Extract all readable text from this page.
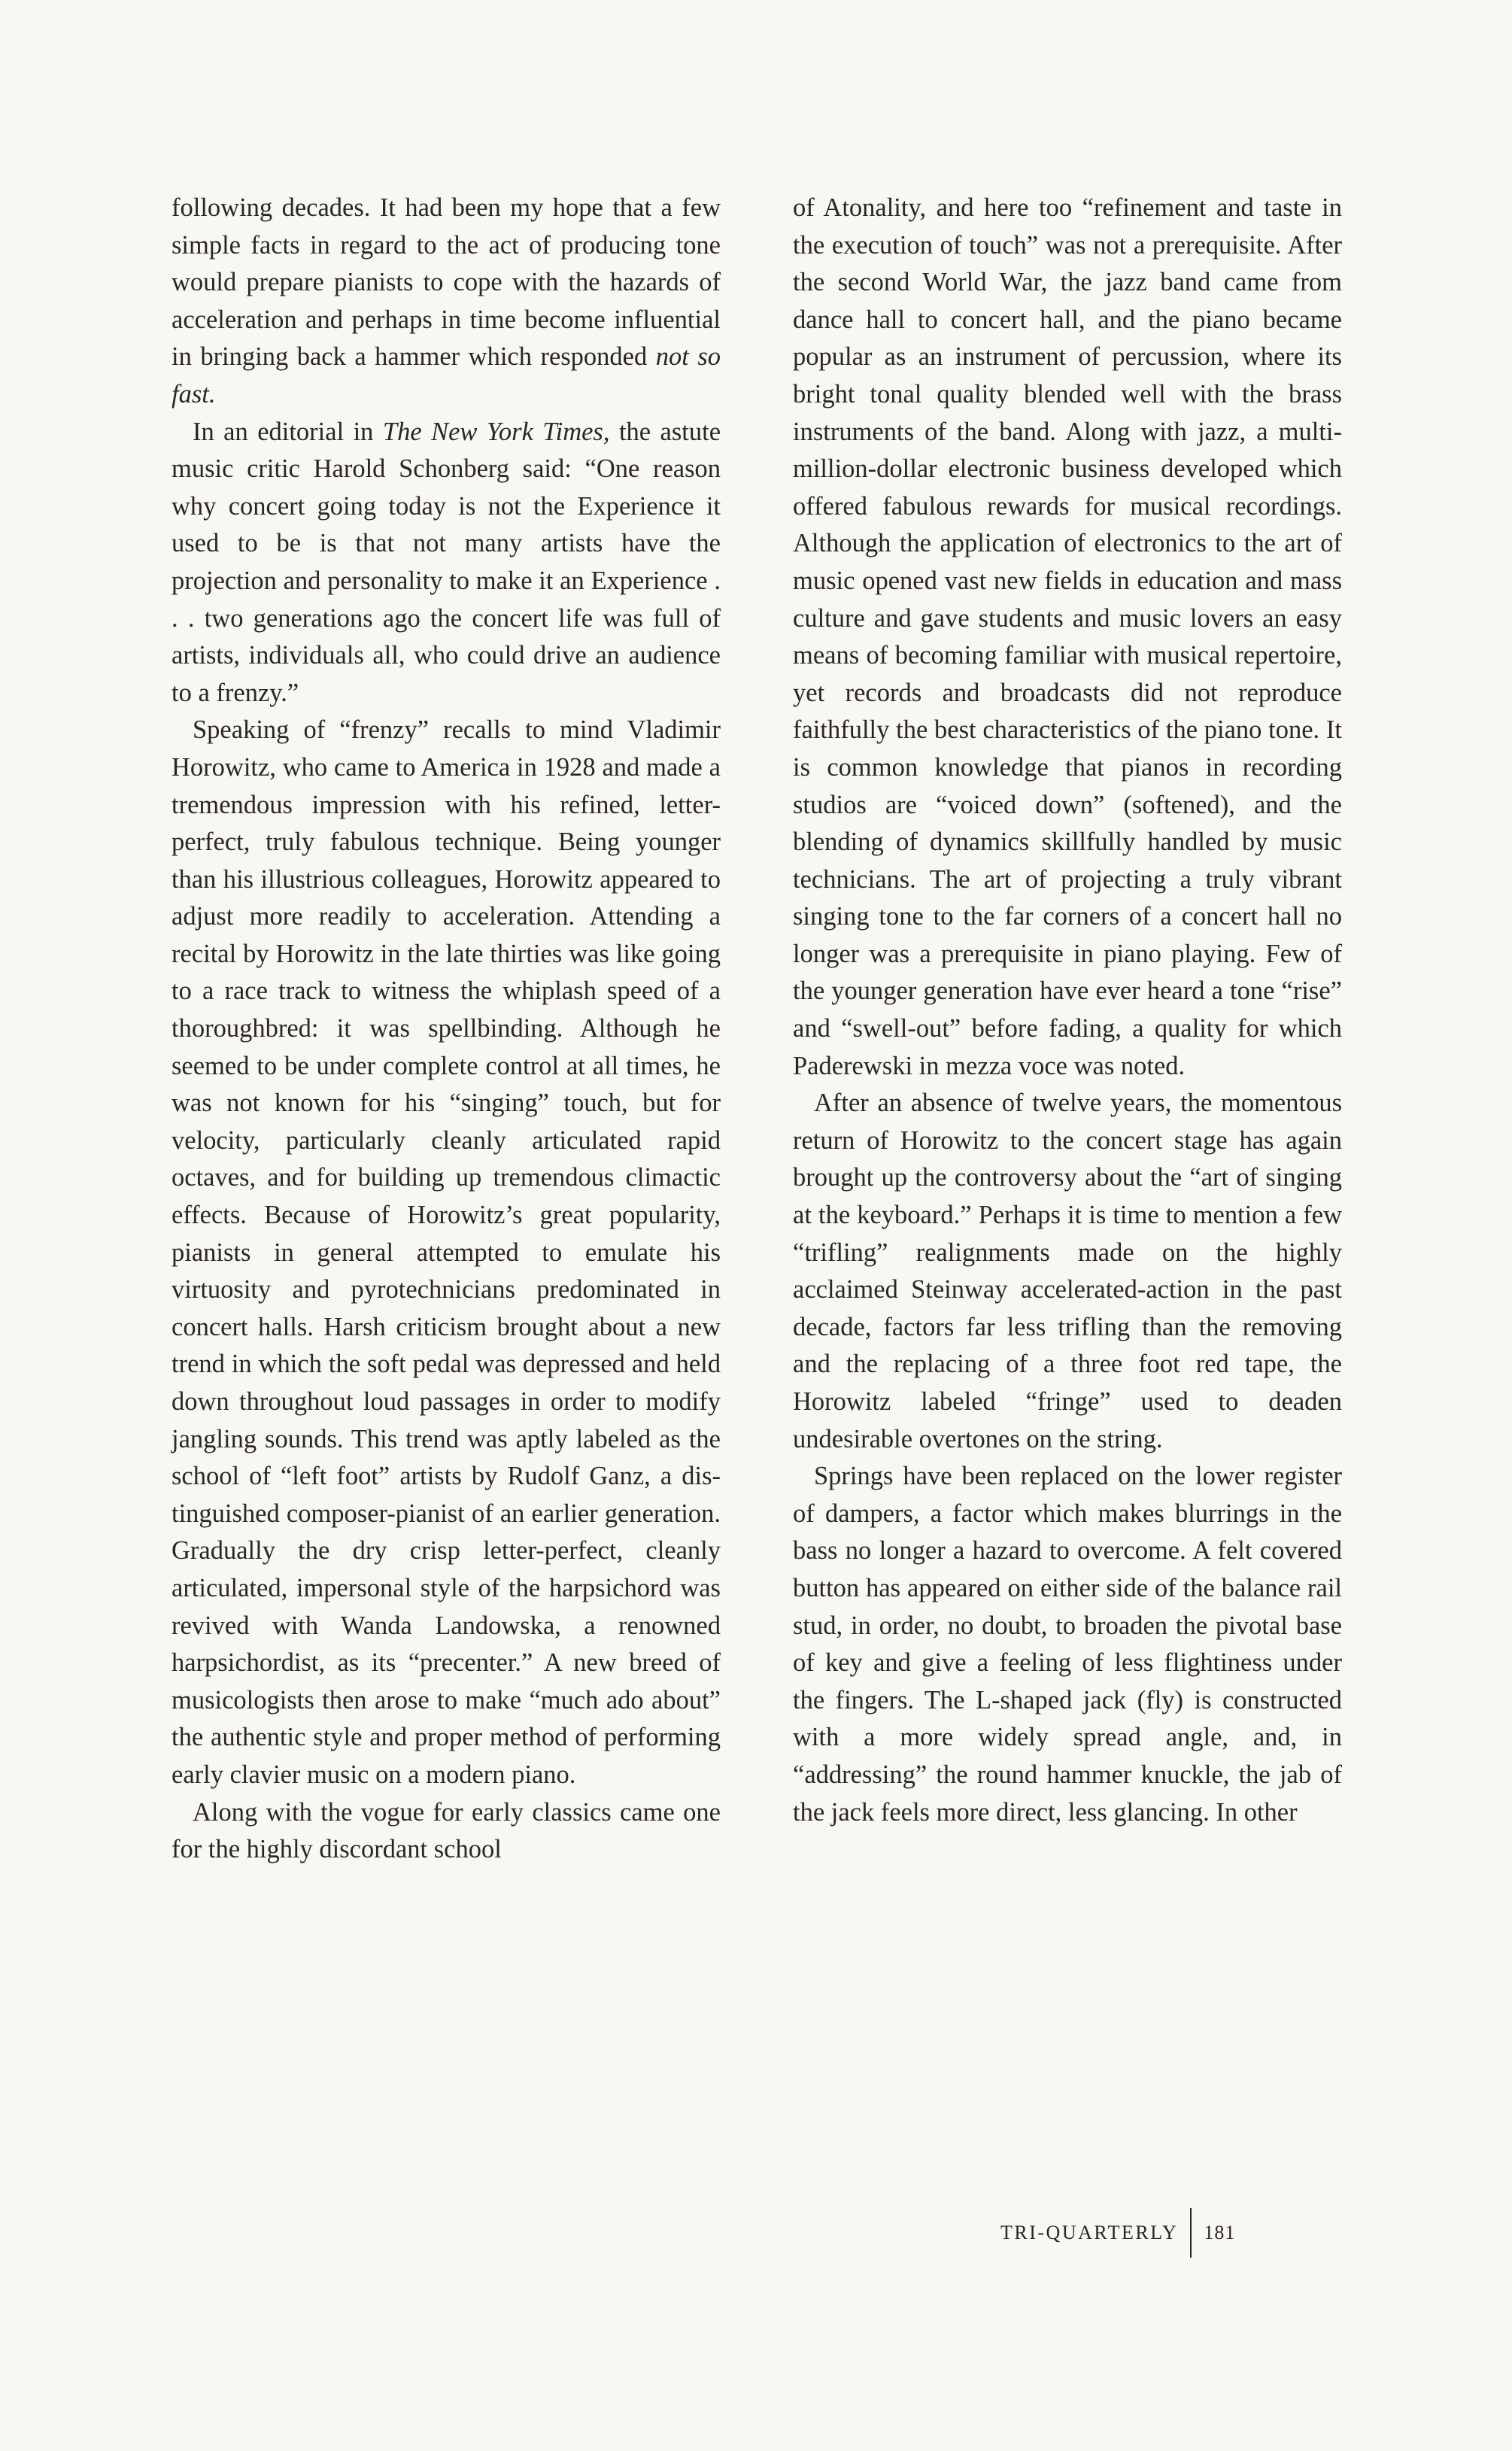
following decades. It had been my hope that a few simple facts in regard to the act of producing tone would prepare pianists to cope with the hazards of acceleration and perhaps in time become influential in bringing back a hammer which responded not so fast.

In an editorial in The New York Times, the astute music critic Harold Schonberg said: “One reason why concert going today is not the Experience it used to be is that not many artists have the projection and personality to make it an Experience . . . two generations ago the concert life was full of artists, individuals all, who could drive an audience to a frenzy.”

Speaking of “frenzy” recalls to mind Vladimir Horowitz, who came to America in 1928 and made a tremendous impression with his refined, letter-perfect, truly fabulous technique. Being younger than his illustrious colleagues, Horowitz appeared to adjust more readily to acceleration. Attending a recital by Horowitz in the late thirties was like going to a race track to witness the whiplash speed of a thoroughbred: it was spellbinding. Although he seemed to be under complete control at all times, he was not known for his “singing” touch, but for velocity, particularly cleanly articulated rapid octaves, and for building up tremendous climactic effects. Because of Horowitz’s great popularity, pianists in general attempted to emulate his virtuosity and pyrotechnicians predominated in concert halls. Harsh criticism brought about a new trend in which the soft pedal was depressed and held down throughout loud passages in order to modify jangling sounds. This trend was aptly labeled as the school of “left foot” artists by Rudolf Ganz, a distinguished composer-pianist of an earlier generation. Gradually the dry crisp letter-perfect, cleanly articulated, impersonal style of the harpsichord was revived with Wanda Landowska, a renowned harpsichordist, as its “precenter.” A new breed of musicologists then arose to make “much ado about” the authentic style and proper method of performing early clavier music on a modern piano.

Along with the vogue for early classics came one for the highly discordant school

of Atonality, and here too “refinement and taste in the execution of touch” was not a prerequisite. After the second World War, the jazz band came from dance hall to concert hall, and the piano became popular as an instrument of percussion, where its bright tonal quality blended well with the brass instruments of the band. Along with jazz, a multi-million-dollar electronic business developed which offered fabulous rewards for musical recordings. Although the application of electronics to the art of music opened vast new fields in education and mass culture and gave students and music lovers an easy means of becoming familiar with musical repertoire, yet records and broadcasts did not reproduce faithfully the best characteristics of the piano tone. It is common knowledge that pianos in recording studios are “voiced down” (softened), and the blending of dynamics skillfully handled by music technicians. The art of projecting a truly vibrant singing tone to the far corners of a concert hall no longer was a prerequisite in piano playing. Few of the younger generation have ever heard a tone “rise” and “swell-out” before fading, a quality for which Paderewski in mezza voce was noted.

After an absence of twelve years, the momentous return of Horowitz to the concert stage has again brought up the controversy about the “art of singing at the keyboard.” Perhaps it is time to mention a few “trifling” realignments made on the highly acclaimed Steinway accelerated-action in the past decade, factors far less trifling than the removing and the replacing of a three foot red tape, the Horowitz labeled “fringe” used to deaden undesirable overtones on the string.

Springs have been replaced on the lower register of dampers, a factor which makes blurrings in the bass no longer a hazard to overcome. A felt covered button has appeared on either side of the balance rail stud, in order, no doubt, to broaden the pivotal base of key and give a feeling of less flightiness under the fingers. The L-shaped jack (fly) is constructed with a more widely spread angle, and, in “addressing” the round hammer knuckle, the jab of the jack feels more direct, less glancing. In other

TRI-QUARTERLY 181
